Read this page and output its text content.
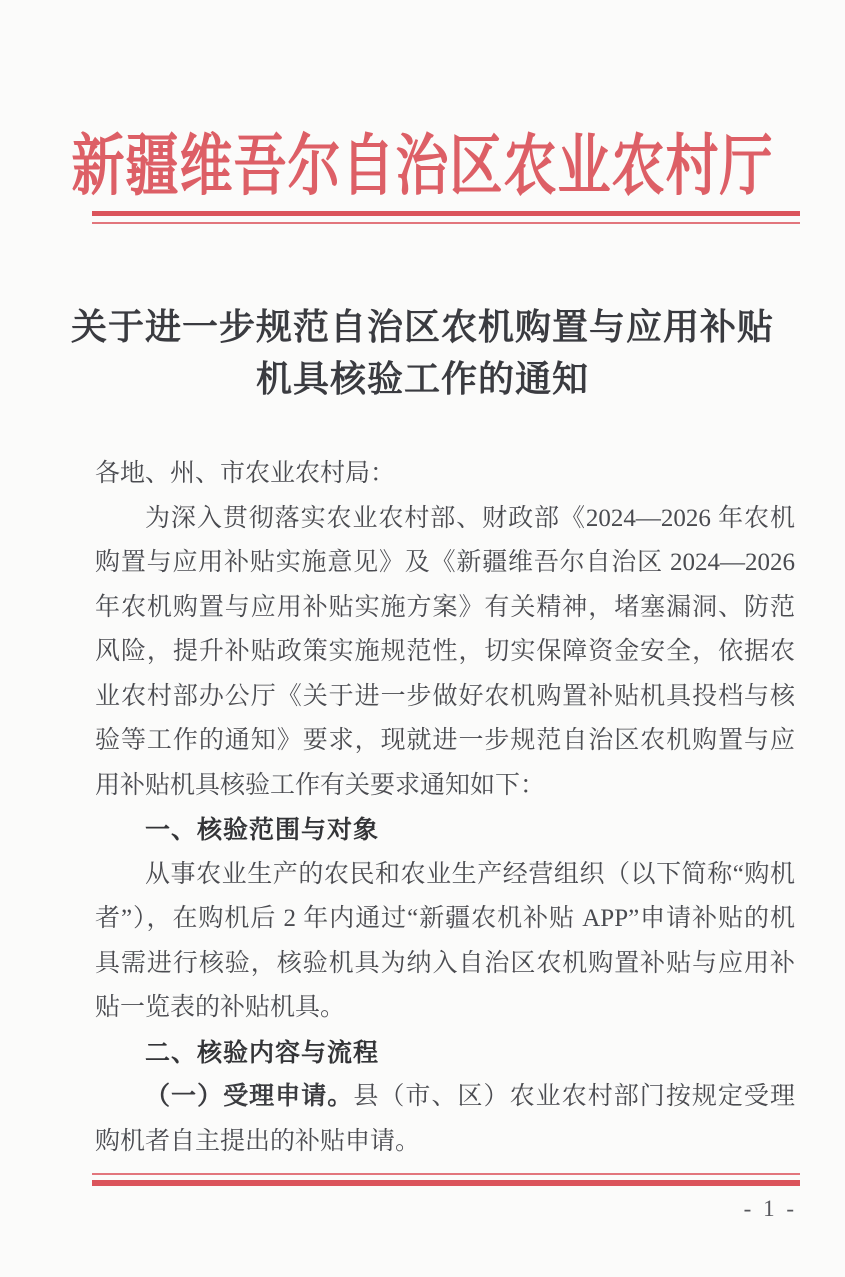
新疆维吾尔自治区农业农村厅
关于进一步规范自治区农机购置与应用补贴
机具核验工作的通知
各地、州、市农业农村局：
为深入贯彻落实农业农村部、财政部《2024—2026 年农机
购置与应用补贴实施意见》及《新疆维吾尔自治区 2024—2026
年农机购置与应用补贴实施方案》有关精神，堵塞漏洞、防范
风险，提升补贴政策实施规范性，切实保障资金安全，依据农
业农村部办公厅《关于进一步做好农机购置补贴机具投档与核
验等工作的通知》要求，现就进一步规范自治区农机购置与应
用补贴机具核验工作有关要求通知如下：
一、核验范围与对象
从事农业生产的农民和农业生产经营组织（以下简称“购机
者”），在购机后 2 年内通过“新疆农机补贴 APP”申请补贴的机
具需进行核验，核验机具为纳入自治区农机购置补贴与应用补
贴一览表的补贴机具。
二、核验内容与流程
（一）受理申请。县（市、区）农业农村部门按规定受理
购机者自主提出的补贴申请。
- 1 -
